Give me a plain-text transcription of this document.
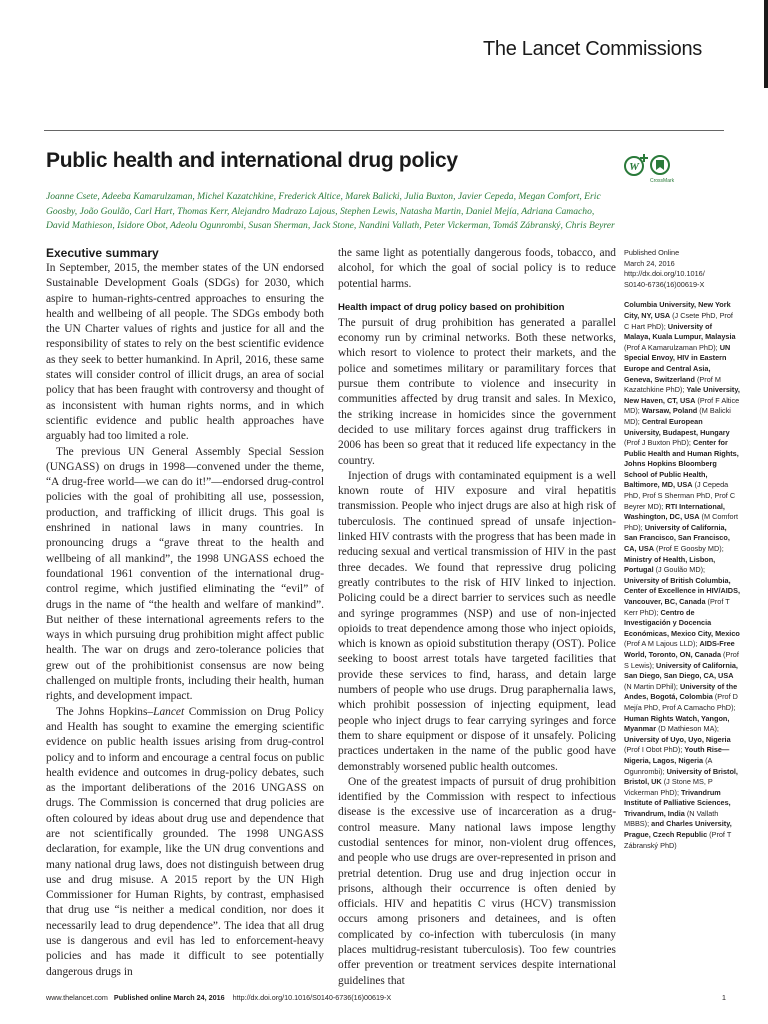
The Lancet Commissions
Public health and international drug policy	W
CrossMark
Joanne Csete, Adeeba Kamarulzaman, Michel Kazatchkine, Frederick Altice, Marek Balicki, Julia Buxton, Javier Cepeda, Megan Comfort, Eric Goosby, João Goulão, Carl Hart, Thomas Kerr, Alejandro Madrazo Lajous, Stephen Lewis, Natasha Martin, Daniel Mejía, Adriana Camacho, David Mathieson, Isidore Obot, Adeolu Ogunrombi, Susan Sherman, Jack Stone, Nandini Vallath, Peter Vickerman, Tomáš Zábranský, Chris Beyrer
Executive summary

In September, 2015, the member states of the UN endorsed Sustainable Development Goals (SDGs) for 2030, which aspire to human-rights-centred approaches to ensuring the health and wellbeing of all people. The SDGs embody both the UN Charter values of rights and justice for all and the responsibility of states to rely on the best scientific evidence as they seek to better humankind. In April, 2016, these same states will consider control of illicit drugs, an area of social policy that has been fraught with controversy and thought of as inconsistent with human rights norms, and in which scientific evidence and public health approaches have arguably had too limited a role.

The previous UN General Assembly Special Session (UNGASS) on drugs in 1998—convened under the theme, “A drug-free world—we can do it!”—endorsed drug-control policies with the goal of prohibiting all use, possession, production, and trafficking of illicit drugs. This goal is enshrined in national laws in many countries. In pronouncing drugs a “grave threat to the health and wellbeing of all mankind”, the 1998 UNGASS echoed the foundational 1961 convention of the international drug-control regime, which justified eliminating the “evil” of drugs in the name of “the health and welfare of mankind”. But neither of these international agreements refers to the ways in which pursuing drug prohibition might affect public health. The war on drugs and zero-tolerance policies that grew out of the prohibitionist consensus are now being challenged on multiple fronts, including their health, human rights, and development impact.

The Johns Hopkins–Lancet Commission on Drug Policy and Health has sought to examine the emerging scientific evidence on public health issues arising from drug-control policy and to inform and encourage a central focus on public health evidence and outcomes in drug-policy debates, such as the important deliberations of the 2016 UNGASS on drugs. The Commission is concerned that drug policies are often coloured by ideas about drug use and dependence that are not scientifically grounded. The 1998 UNGASS declaration, for example, like the UN drug conventions and many national drug laws, does not distinguish between drug use and drug misuse. A 2015 report by the UN High Commissioner for Human Rights, by contrast, emphasised that drug use “is neither a medical condition, nor does it necessarily lead to drug dependence”. The idea that all drug use is dangerous and evil has led to enforcement-heavy policies and has made it difficult to see potentially dangerous drugs in

the same light as potentially dangerous foods, tobacco, and alcohol, for which the goal of social policy is to reduce potential harms.

Health impact of drug policy based on prohibition

The pursuit of drug prohibition has generated a parallel economy run by criminal networks. Both these networks, which resort to violence to protect their markets, and the police and sometimes military or paramilitary forces that pursue them contribute to violence and insecurity in communities affected by drug transit and sales. In Mexico, the striking increase in homicides since the government decided to use military forces against drug traffickers in 2006 has been so great that it reduced life expectancy in the country.

Injection of drugs with contaminated equipment is a well known route of HIV exposure and viral hepatitis transmission. People who inject drugs are also at high risk of tuberculosis. The continued spread of unsafe injection-linked HIV contrasts with the progress that has been made in reducing sexual and vertical transmission of HIV in the past three decades. We found that repressive drug policing greatly contributes to the risk of HIV linked to injection. Policing could be a direct barrier to services such as needle and syringe programmes (NSP) and use of non-injected opioids to treat dependence among those who inject opioids, which is known as opioid substitution therapy (OST). Police seeking to boost arrest totals have targeted facilities that provide these services to find, harass, and detain large numbers of people who use drugs. Drug paraphernalia laws, which prohibit possession of injecting equipment, lead people who inject drugs to fear carrying syringes and force them to share equipment or dispose of it unsafely. Policing practices undertaken in the name of the public good have demonstrably worsened public health outcomes.

One of the greatest impacts of pursuit of drug prohibition identified by the Commission with respect to infectious disease is the excessive use of incarceration as a drug-control measure. Many national laws impose lengthy custodial sentences for minor, non-violent drug offences, and people who use drugs are over-represented in prison and pretrial detention. Drug use and drug injection occur in prisons, although their occurrence is often denied by officials. HIV and hepatitis C virus (HCV) transmission occurs among prisoners and detainees, and is often complicated by co-infection with tuberculosis (in many places multidrug-resistant tuberculosis). Too few countries offer prevention or treatment services despite international guidelines that

Published Online
March 24, 2016
http://dx.doi.org/10.1016/
S0140-6736(16)00619-X
Columbia University, New York City, NY, USA (J Csete PhD, Prof C Hart PhD); University of Malaya, Kuala Lumpur, Malaysia (Prof A Kamarulzaman PhD); UN Special Envoy, HIV in Eastern Europe and Central Asia, Geneva, Switzerland (Prof M Kazatchkine PhD); Yale University, New Haven, CT, USA (Prof F Altice MD); Warsaw, Poland (M Balicki MD); Central European University, Budapest, Hungary (Prof J Buxton PhD); Center for Public Health and Human Rights, Johns Hopkins Bloomberg School of Public Health, Baltimore, MD, USA (J Cepeda PhD, Prof S Sherman PhD, Prof C Beyrer MD); RTI International, Washington, DC, USA (M Comfort PhD); University of California, San Francisco, San Francisco, CA, USA (Prof E Goosby MD); Ministry of Health, Lisbon, Portugal (J Goulão MD); University of British Columbia, Center of Excellence in HIV/AIDS, Vancouver, BC, Canada (Prof T Kerr PhD); Centro de Investigación y Docencia Económicas, Mexico City, Mexico (Prof A M Lajous LLD); AIDS-Free World, Toronto, ON, Canada (Prof S Lewis); University of California, San Diego, San Diego, CA, USA (N Martin DPhil); University of the Andes, Bogotá, Colombia (Prof D Mejía PhD, Prof A Camacho PhD); Human Rights Watch, Yangon, Myanmar (D Mathieson MA); University of Uyo, Uyo, Nigeria (Prof I Obot PhD); Youth Rise—Nigeria, Lagos, Nigeria (A Ogunrombi); University of Bristol, Bristol, UK (J Stone MS, P Vickerman PhD); Trivandrum Institute of Palliative Sciences, Trivandrum, India (N Vallath MBBS); and Charles University, Prague, Czech Republic (Prof T Zábranský PhD)
www.thelancet.com Published online March 24, 2016 http://dx.doi.org/10.1016/S0140-6736(16)00619-X	1
